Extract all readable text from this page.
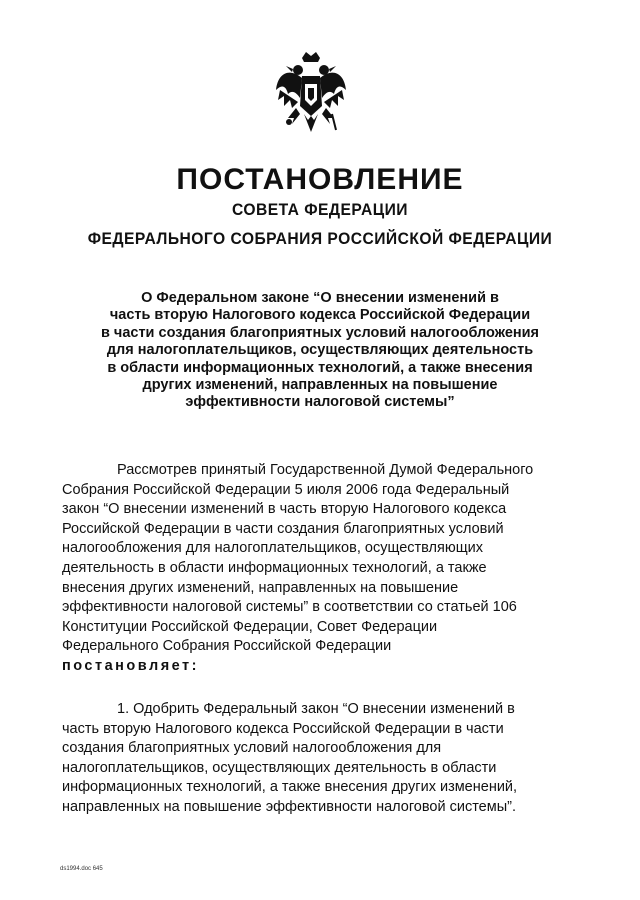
ПОСТАНОВЛЕНИЕ
СОВЕТА ФЕДЕРАЦИИ
ФЕДЕРАЛЬНОГО СОБРАНИЯ РОССИЙСКОЙ ФЕДЕРАЦИИ
О Федеральном законе “О внесении изменений в
часть вторую Налогового кодекса Российской Федерации
в части создания благоприятных условий налогообложения
для налогоплательщиков, осуществляющих деятельность
в области информационных технологий, а также внесения
других изменений, направленных на повышение
эффективности налоговой системы”
Рассмотрев принятый Государственной Думой Федерального
Собрания Российской Федерации 5 июля 2006 года Федеральный
закон “О внесении изменений в часть вторую Налогового кодекса
Российской Федерации в части создания благоприятных условий
налогообложения для налогоплательщиков, осуществляющих
деятельность в области информационных технологий, а также
внесения других изменений, направленных на повышение
эффективности налоговой системы” в соответствии со статьей 106
Конституции Российской Федерации, Совет Федерации
Федерального Собрания Российской Федерации
постановляет:
1. Одобрить Федеральный закон “О внесении изменений в
часть вторую Налогового кодекса Российской Федерации в части
создания благоприятных условий налогообложения для
налогоплательщиков, осуществляющих деятельность в области
информационных технологий, а также внесения других изменений,
направленных на повышение эффективности налоговой системы”.
ds1994.doc 645
